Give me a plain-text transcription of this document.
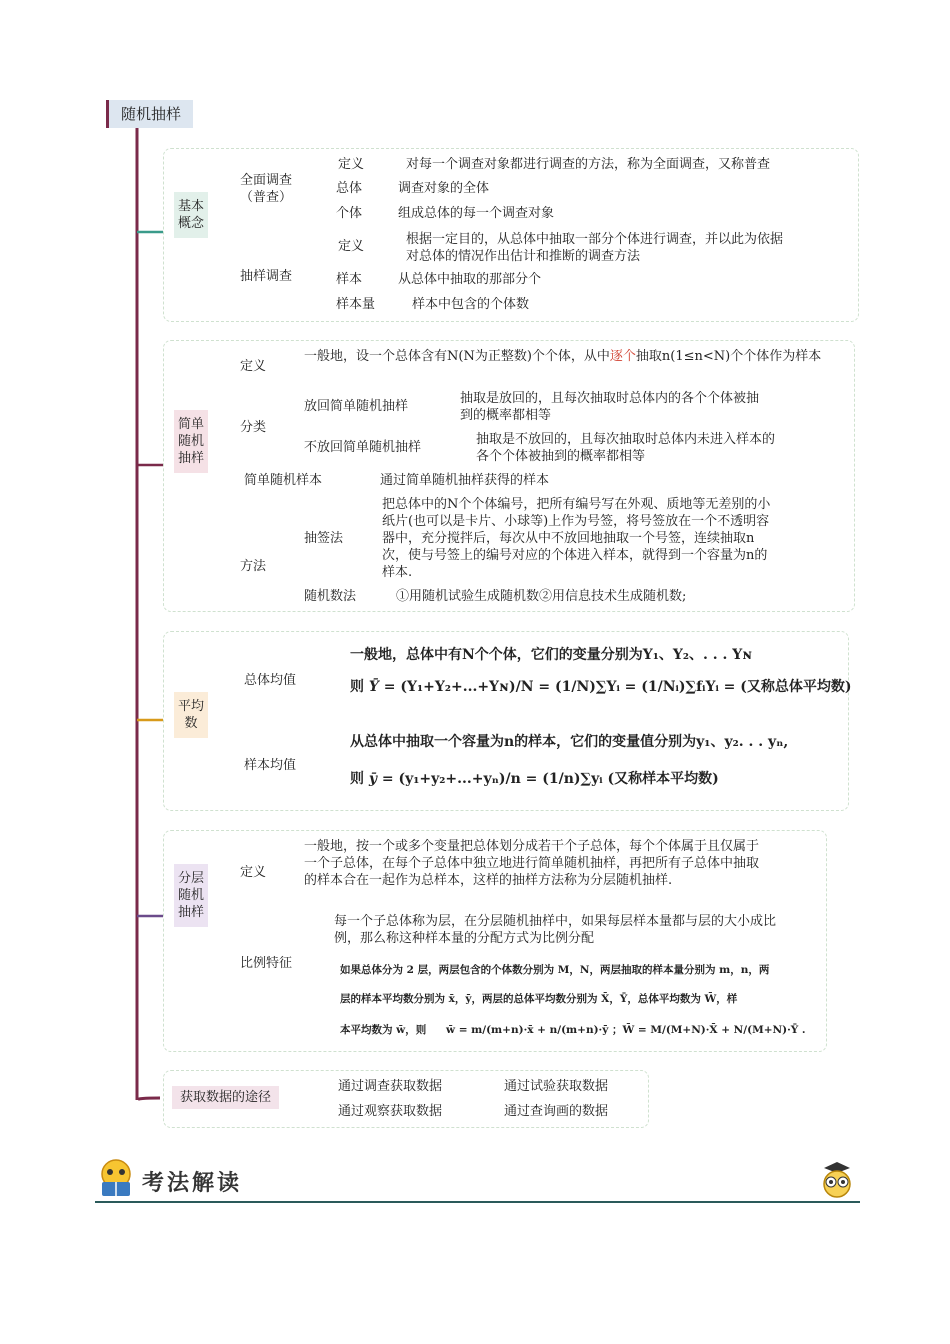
随机抽样
基本概念
全面调查（普查）
定义	对每一个调查对象都进行调查的方法，称为全面调查，又称普查
总体	调查对象的全体
个体	组成总体的每一个调查对象
抽样调查
定义	根据一定目的，从总体中抽取一部分个体进行调查，并以此为依据对总体的情况作出估计和推断的调查方法
样本	从总体中抽取的那部分个
样本量	样本中包含的个体数
简单随机抽样
定义
一般地，设一个总体含有N(N为正整数)个个体，从中逐个抽取n(1≤n<N)个个体作为样本
分类
放回简单随机抽样
抽取是放回的，且每次抽取时总体内的各个个体被抽到的概率都相等
不放回简单随机抽样
抽取是不放回的，且每次抽取时总体内未进入样本的各个个体被抽到的概率都相等
简单随机样本	通过简单随机抽样获得的样本
方法
抽签法
把总体中的N个个体编号，把所有编号写在外观、质地等无差别的小纸片(也可以是卡片、小球等)上作为号签，将号签放在一个不透明容器中，充分搅拌后，每次从中不放回地抽取一个号签，连续抽取n次，使与号签上的编号对应的个体进入样本，就得到一个容量为n的样本.
随机数法	①用随机试验生成随机数②用信息技术生成随机数;
平均数
总体均值
一般地，总体中有N个个体，它们的变量分别为Y₁、Y₂、. . . Yɴ
则 Ȳ = (Y₁+Y₂+...+Yɴ)/N = (1/N)∑Yᵢ = (1/Nᵢ)∑fᵢYᵢ = (又称总体平均数)
样本均值
从总体中抽取一个容量为n的样本，它们的变量值分别为y₁、y₂. . . yₙ,
则 ȳ = (y₁+y₂+...+yₙ)/n = (1/n)∑yᵢ (又称样本平均数)
分层随机抽样
定义
一般地，按一个或多个变量把总体划分成若干个子总体，每个个体属于且仅属于一个子总体，在每个子总体中独立地进行简单随机抽样，再把所有子总体中抽取的样本合在一起作为总样本，这样的抽样方法称为分层随机抽样.
比例特征
每一个子总体称为层，在分层随机抽样中，如果每层样本量都与层的大小成比例，那么称这种样本量的分配方式为比例分配
如果总体分为 2 层，两层包含的个体数分别为 M，N，两层抽取的样本量分别为 m，n，两
层的样本平均数分别为 x̄，ȳ，两层的总体平均数分别为 X̄，Ȳ，总体平均数为 W̄，样
本平均数为 w̄，则 w̄ = m/(m+n)·x̄ + n/(m+n)·ȳ ；W̄ = M/(M+N)·X̄ + N/(M+N)·Ȳ .
获取数据的途径
通过调查获取数据	通过试验获取数据
通过观察获取数据	通过查询画的数据
考法解读
